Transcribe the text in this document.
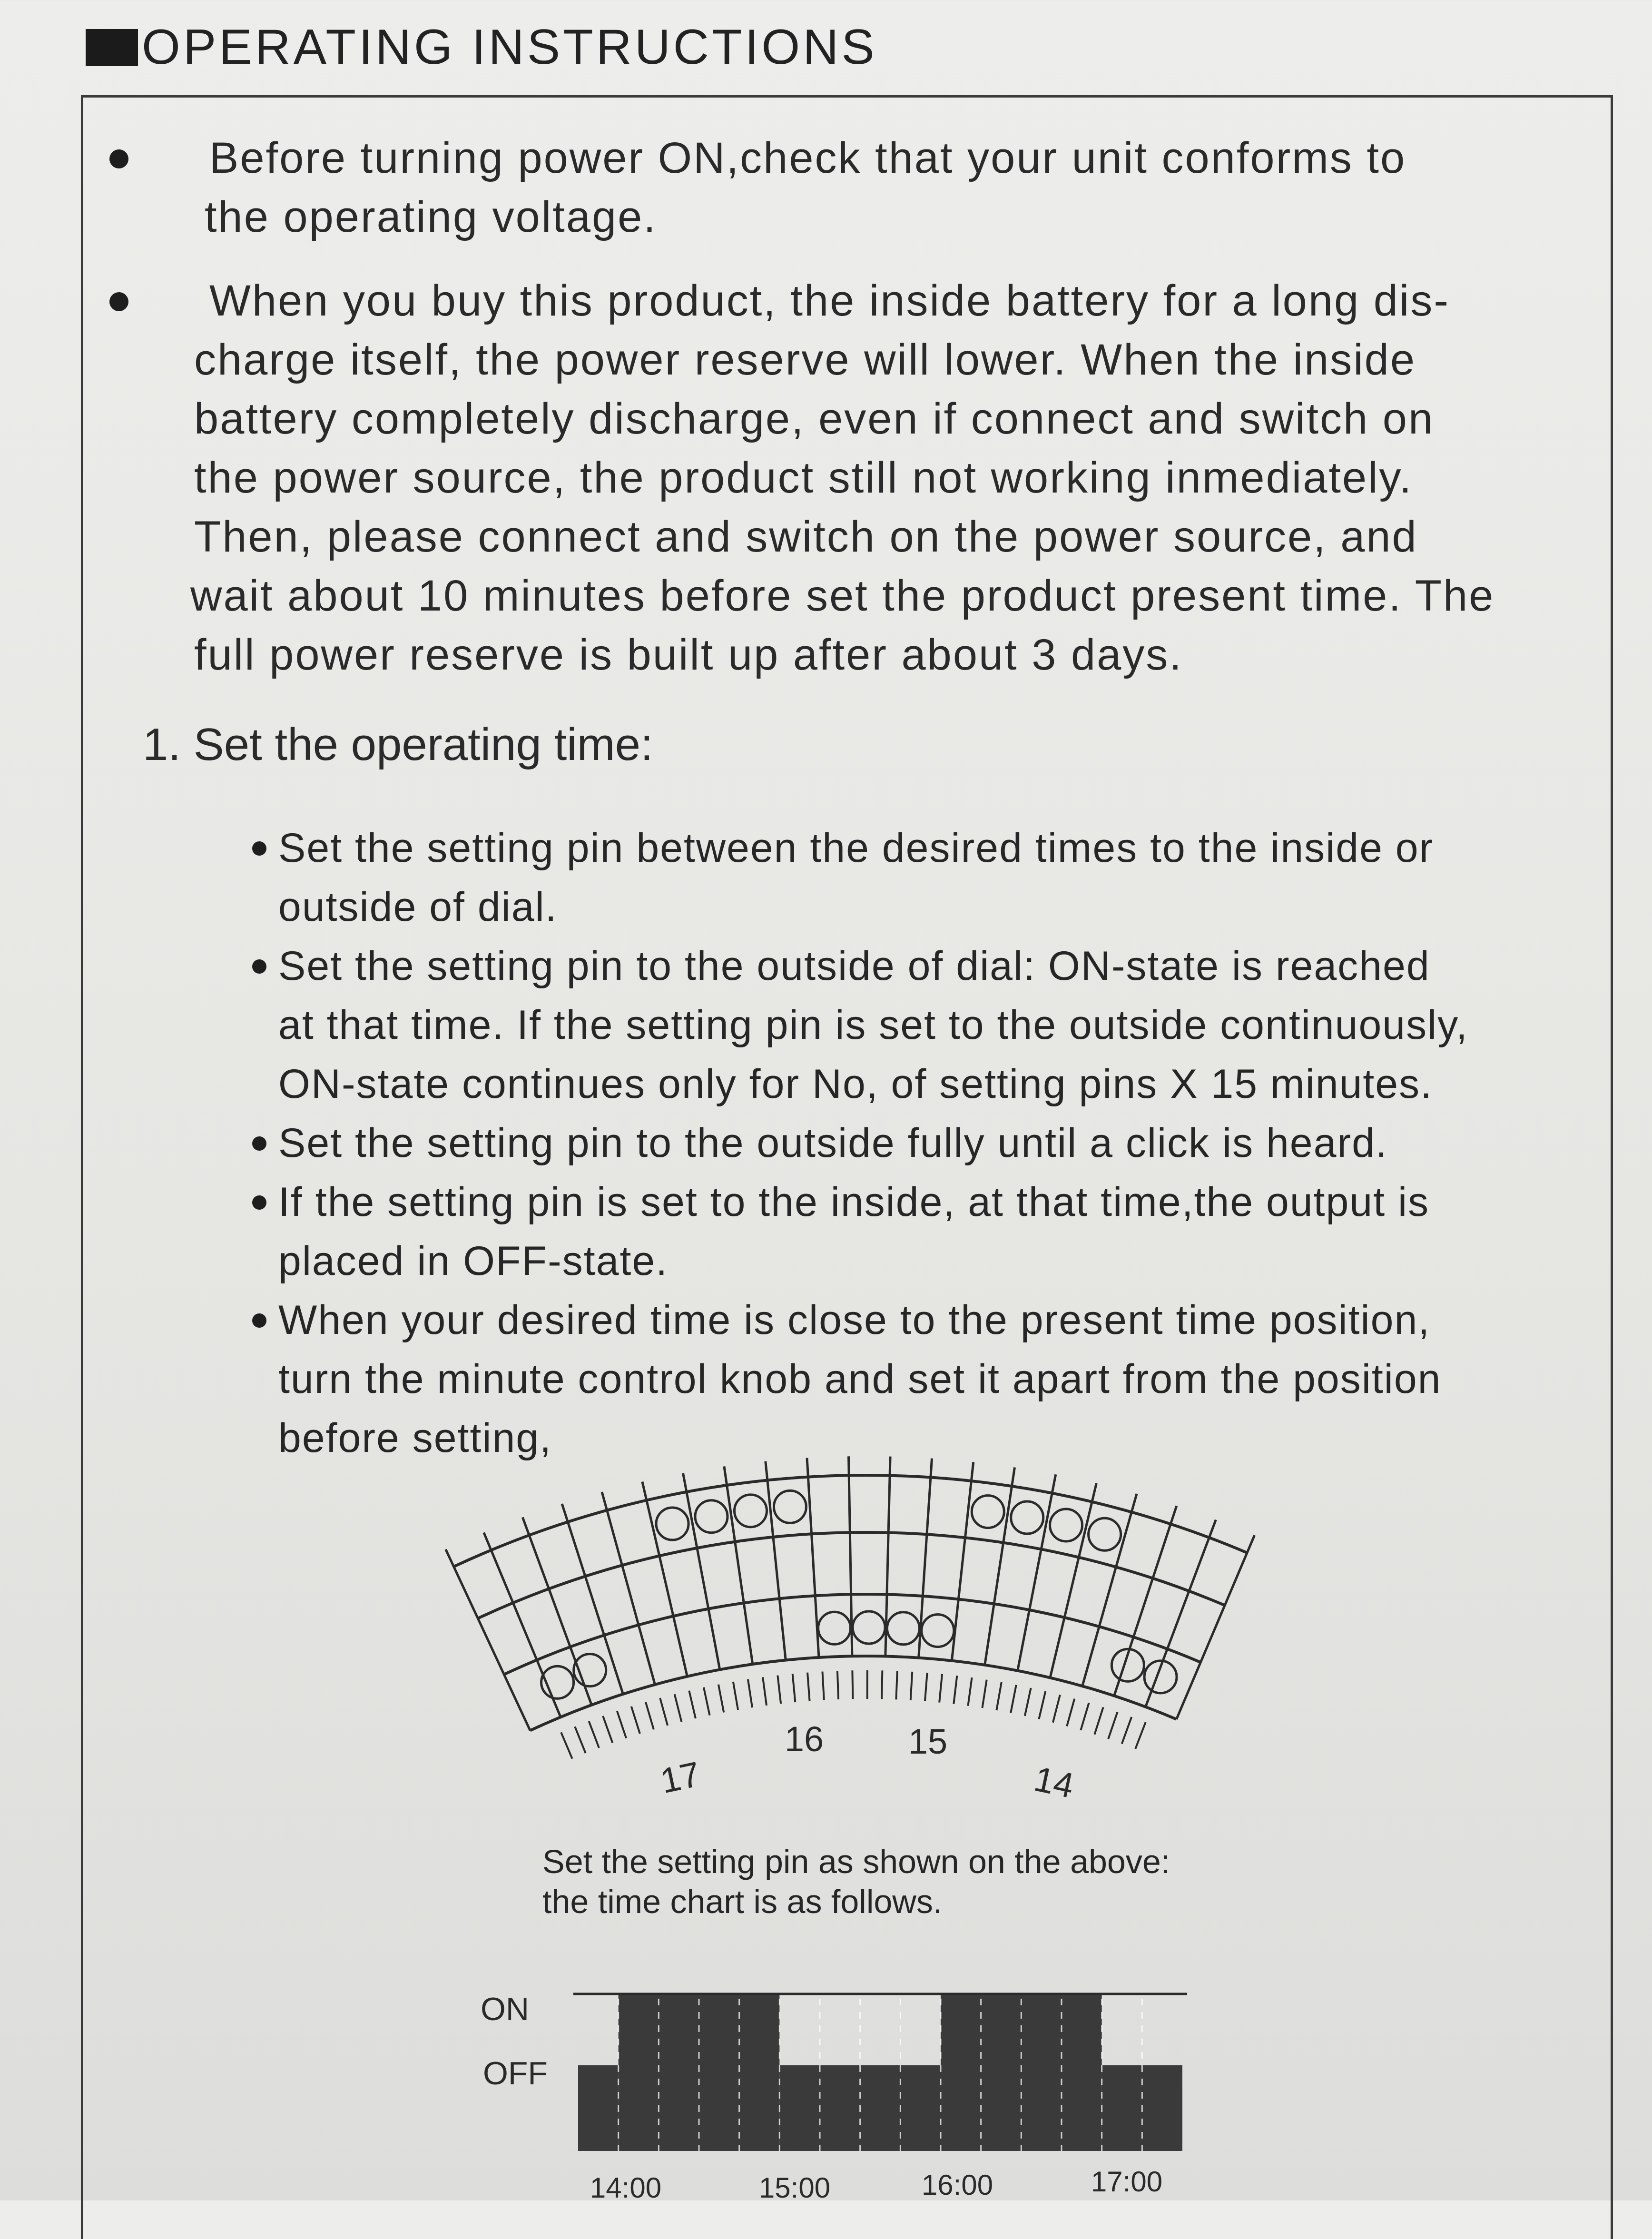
OPERATING INSTRUCTIONS

Before turning power ON,check that your unit conforms to

the operating voltage.

When you buy this product, the inside battery for a long dis-

charge itself, the power reserve will lower. When the inside

battery completely discharge, even if connect and switch on

the power source, the product still not working inmediately.

Then, please connect and switch on the power source, and

wait about 10 minutes before set the product present time. The

full power reserve is built up after about 3 days.

1. Set the operating time:
Set the setting pin between the desired times to the inside or
outside of dial.
Set the setting pin to the outside of dial: ON-state is reached
at that time. If the setting pin is set to the outside continuously,
ON-state continues only for No, of setting pins X 15 minutes.
Set the setting pin to the outside fully until a click is heard.
If the setting pin is set to the inside, at that time,the output is
placed in OFF-state.
When your desired time is close to the present time position,
turn the minute control knob and set it apart from the position
before setting,
17
16 15
14
Set the setting pin as shown on the above:
the time chart is as follows.
ON
OFF
14:00	15:00	16:00	17:00
